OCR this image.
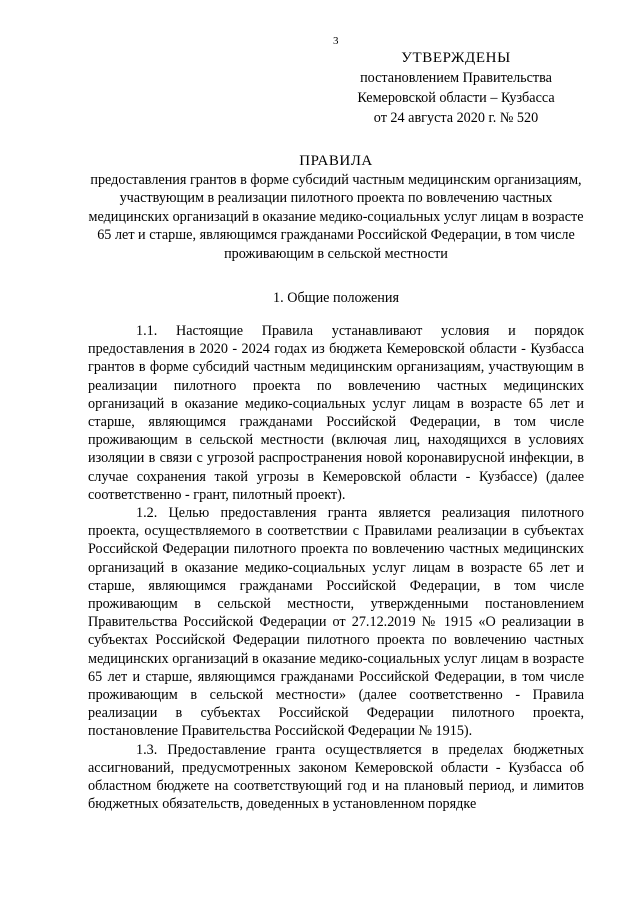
3
УТВЕРЖДЕНЫ
постановлением Правительства
Кемеровской области – Кузбасса
от 24 августа 2020 г. № 520
ПРАВИЛА
предоставления грантов в форме субсидий частным медицинским организациям, участвующим в реализации пилотного проекта по вовлечению частных медицинских организаций в оказание медико-социальных услуг лицам в возрасте 65 лет и старше, являющимся гражданами Российской Федерации, в том числе проживающим в сельской местности
1. Общие положения

1.1. Настоящие Правила устанавливают условия и порядок предоставления в 2020 - 2024 годах из бюджета Кемеровской области - Кузбасса грантов в форме субсидий частным медицинским организациям, участвующим в реализации пилотного проекта по вовлечению частных медицинских организаций в оказание медико-социальных услуг лицам в возрасте 65 лет и старше, являющимся гражданами Российской Федерации, в том числе проживающим в сельской местности (включая лиц, находящихся в условиях изоляции в связи с угрозой распространения новой коронавирусной инфекции, в случае сохранения такой угрозы в Кемеровской области - Кузбассе) (далее соответственно - грант, пилотный проект).

1.2. Целью предоставления гранта является реализация пилотного проекта, осуществляемого в соответствии с Правилами реализации в субъектах Российской Федерации пилотного проекта по вовлечению частных медицинских организаций в оказание медико-социальных услуг лицам в возрасте 65 лет и старше, являющимся гражданами Российской Федерации, в том числе проживающим в сельской местности, утвержденными постановлением Правительства Российской Федерации от 27.12.2019 № 1915 «О реализации в субъектах Российской Федерации пилотного проекта по вовлечению частных медицинских организаций в оказание медико-социальных услуг лицам в возрасте 65 лет и старше, являющимся гражданами Российской Федерации, в том числе проживающим в сельской местности» (далее соответственно - Правила реализации в субъектах Российской Федерации пилотного проекта, постановление Правительства Российской Федерации № 1915).

1.3. Предоставление гранта осуществляется в пределах бюджетных ассигнований, предусмотренных законом Кемеровской области - Кузбасса об областном бюджете на соответствующий год и на плановый период, и лимитов бюджетных обязательств, доведенных в установленном порядке
